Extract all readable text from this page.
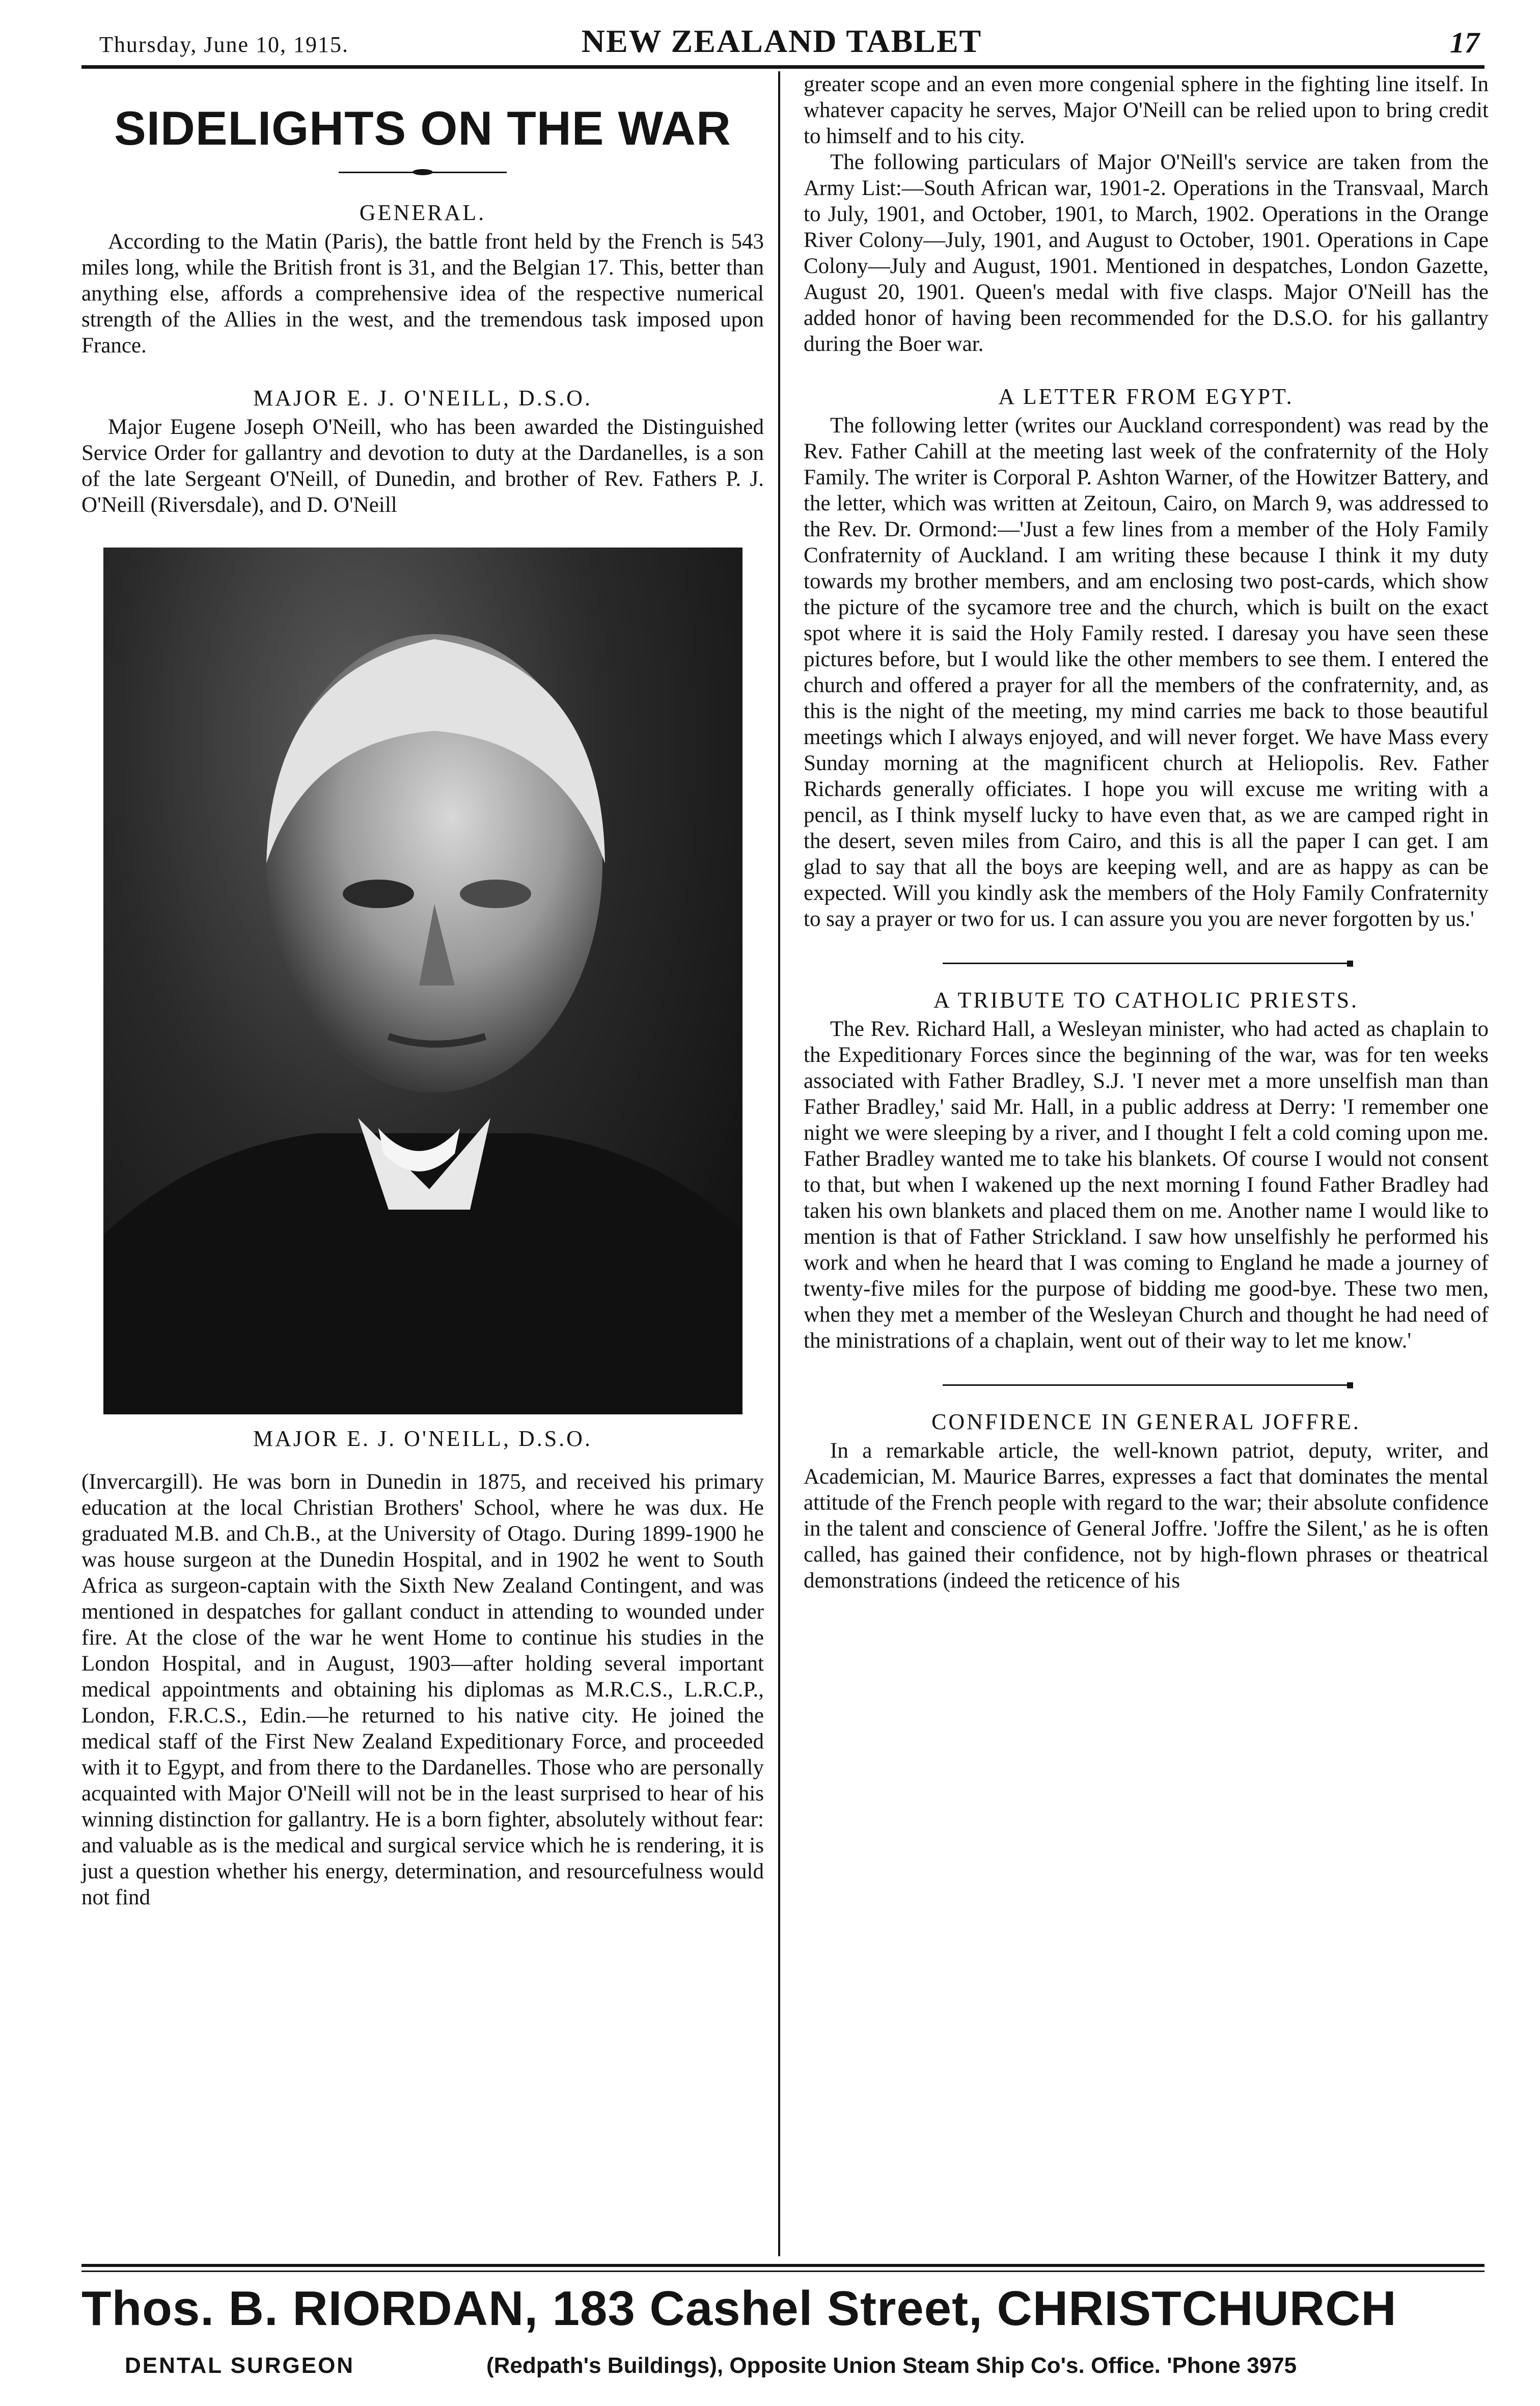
Thursday, June 10, 1915.	NEW ZEALAND TABLET	17
SIDELIGHTS ON THE WAR
GENERAL.

According to the Matin (Paris), the battle front held by the French is 543 miles long, while the British front is 31, and the Belgian 17. This, better than anything else, affords a comprehensive idea of the respective numerical strength of the Allies in the west, and the tremendous task imposed upon France.

MAJOR E. J. O'NEILL, D.S.O.

Major Eugene Joseph O'Neill, who has been awarded the Distinguished Service Order for gallantry and devotion to duty at the Dardanelles, is a son of the late Sergeant O'Neill, of Dunedin, and brother of Rev. Fathers P. J. O'Neill (Riversdale), and D. O'Neill

MAJOR E. J. O'NEILL, D.S.O.

(Invercargill). He was born in Dunedin in 1875, and received his primary education at the local Christian Brothers' School, where he was dux. He graduated M.B. and Ch.B., at the University of Otago. During 1899-1900 he was house surgeon at the Dunedin Hospital, and in 1902 he went to South Africa as surgeon-captain with the Sixth New Zealand Contingent, and was mentioned in despatches for gallant conduct in attending to wounded under fire. At the close of the war he went Home to continue his studies in the London Hospital, and in August, 1903—after holding several important medical appointments and obtaining his diplomas as M.R.C.S., L.R.C.P., London, F.R.C.S., Edin.—he returned to his native city. He joined the medical staff of the First New Zealand Expeditionary Force, and proceeded with it to Egypt, and from there to the Dardanelles. Those who are personally acquainted with Major O'Neill will not be in the least surprised to hear of his winning distinction for gallantry. He is a born fighter, absolutely without fear: and valuable as is the medical and surgical service which he is rendering, it is just a question whether his energy, determination, and resourcefulness would not find

greater scope and an even more congenial sphere in the fighting line itself. In whatever capacity he serves, Major O'Neill can be relied upon to bring credit to himself and to his city.

The following particulars of Major O'Neill's service are taken from the Army List:—South African war, 1901-2. Operations in the Transvaal, March to July, 1901, and October, 1901, to March, 1902. Operations in the Orange River Colony—July, 1901, and August to October, 1901. Operations in Cape Colony—July and August, 1901. Mentioned in despatches, London Gazette, August 20, 1901. Queen's medal with five clasps. Major O'Neill has the added honor of having been recommended for the D.S.O. for his gallantry during the Boer war.

A LETTER FROM EGYPT.

The following letter (writes our Auckland correspondent) was read by the Rev. Father Cahill at the meeting last week of the confraternity of the Holy Family. The writer is Corporal P. Ashton Warner, of the Howitzer Battery, and the letter, which was written at Zeitoun, Cairo, on March 9, was addressed to the Rev. Dr. Ormond:—'Just a few lines from a member of the Holy Family Confraternity of Auckland. I am writing these because I think it my duty towards my brother members, and am enclosing two post-cards, which show the picture of the sycamore tree and the church, which is built on the exact spot where it is said the Holy Family rested. I daresay you have seen these pictures before, but I would like the other members to see them. I entered the church and offered a prayer for all the members of the confraternity, and, as this is the night of the meeting, my mind carries me back to those beautiful meetings which I always enjoyed, and will never forget. We have Mass every Sunday morning at the magnificent church at Heliopolis. Rev. Father Richards generally officiates. I hope you will excuse me writing with a pencil, as I think myself lucky to have even that, as we are camped right in the desert, seven miles from Cairo, and this is all the paper I can get. I am glad to say that all the boys are keeping well, and are as happy as can be expected. Will you kindly ask the members of the Holy Family Confraternity to say a prayer or two for us. I can assure you you are never forgotten by us.'

A TRIBUTE TO CATHOLIC PRIESTS.

The Rev. Richard Hall, a Wesleyan minister, who had acted as chaplain to the Expeditionary Forces since the beginning of the war, was for ten weeks associated with Father Bradley, S.J. 'I never met a more unselfish man than Father Bradley,' said Mr. Hall, in a public address at Derry: 'I remember one night we were sleeping by a river, and I thought I felt a cold coming upon me. Father Bradley wanted me to take his blankets. Of course I would not consent to that, but when I wakened up the next morning I found Father Bradley had taken his own blankets and placed them on me. Another name I would like to mention is that of Father Strickland. I saw how unselfishly he performed his work and when he heard that I was coming to England he made a journey of twenty-five miles for the purpose of bidding me good-bye. These two men, when they met a member of the Wesleyan Church and thought he had need of the ministrations of a chaplain, went out of their way to let me know.'

CONFIDENCE IN GENERAL JOFFRE.

In a remarkable article, the well-known patriot, deputy, writer, and Academician, M. Maurice Barres, expresses a fact that dominates the mental attitude of the French people with regard to the war; their absolute confidence in the talent and conscience of General Joffre. 'Joffre the Silent,' as he is often called, has gained their confidence, not by high-flown phrases or theatrical demonstrations (indeed the reticence of his

Thos. B. RIORDAN, 183 Cashel Street, CHRISTCHURCH
DENTAL SURGEON	(Redpath's Buildings), Opposite Union Steam Ship Co's. Office. 'Phone 3975
